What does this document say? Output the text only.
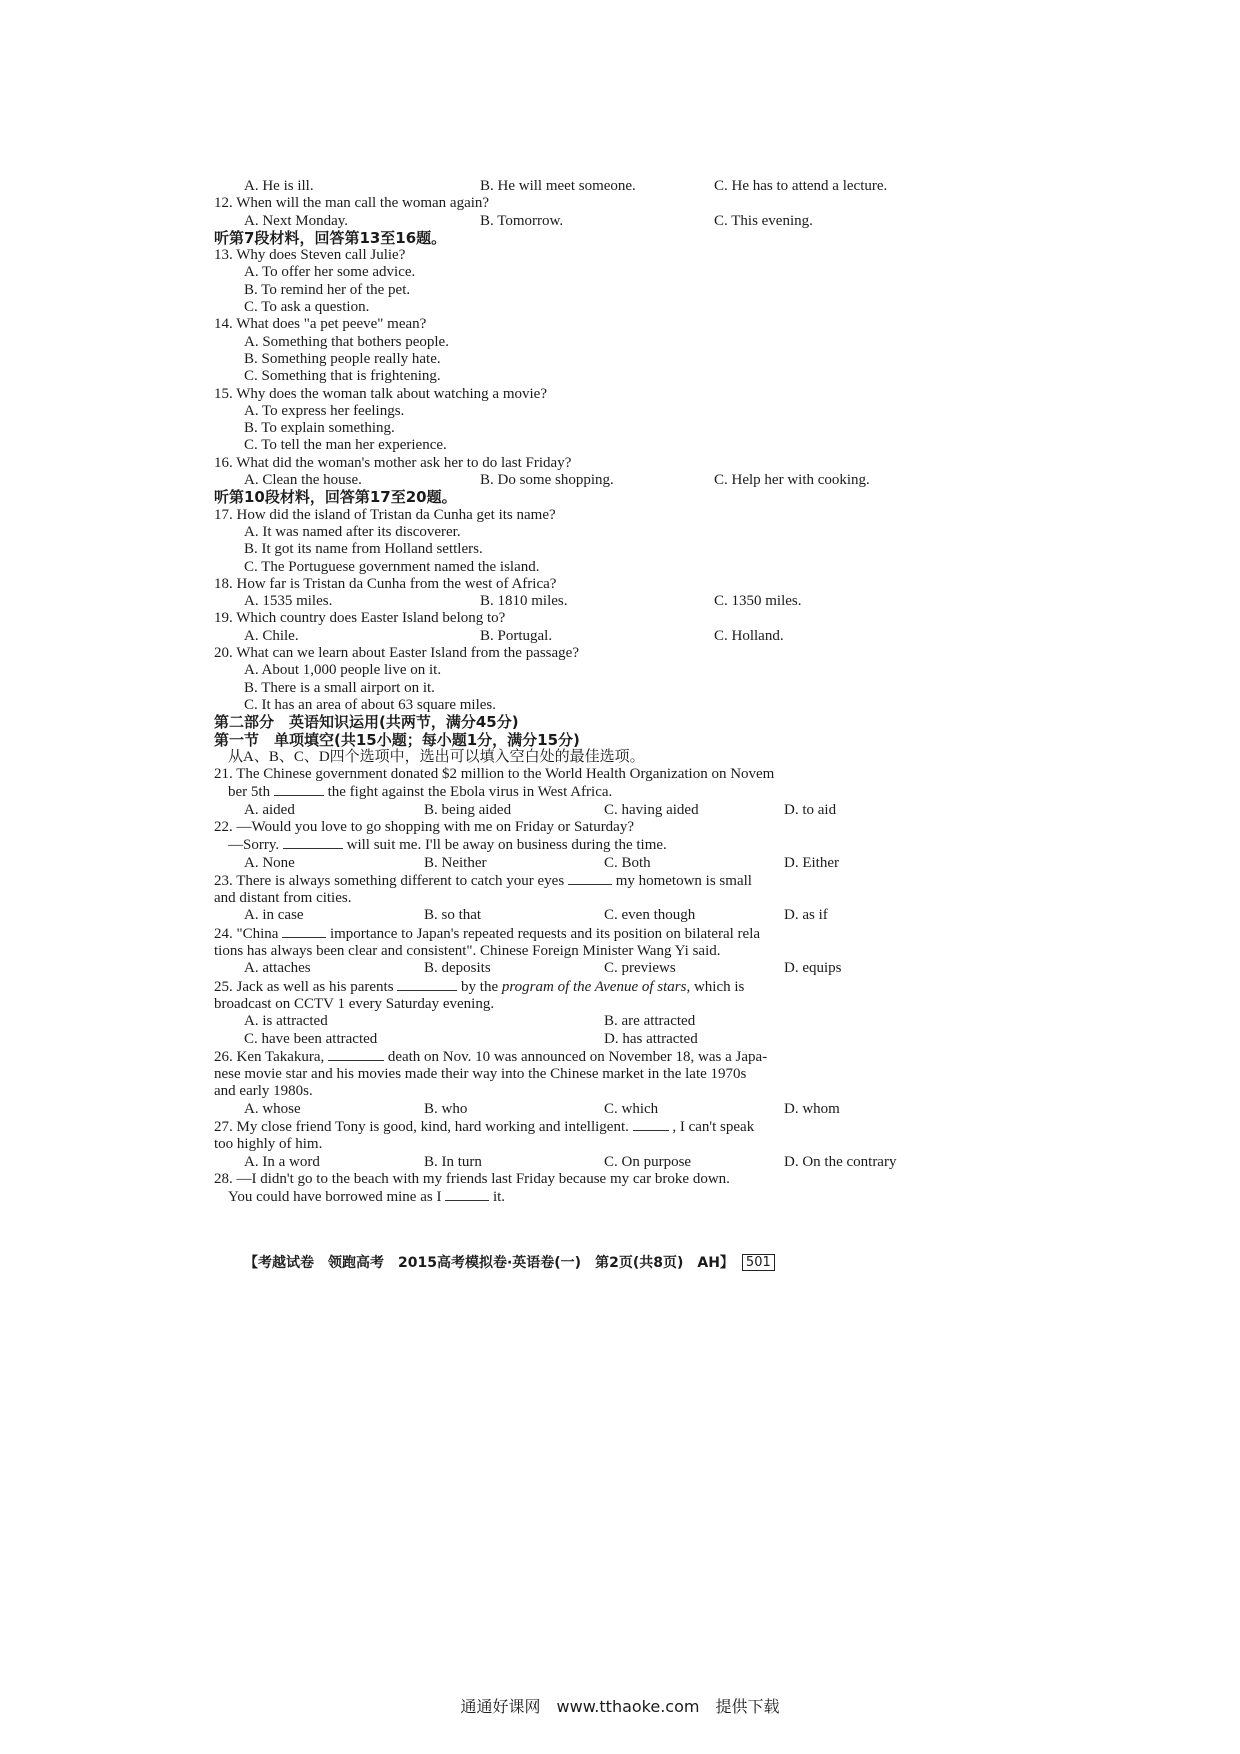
A. He is ill.	B. He will meet someone.	C. He has to attend a lecture.

12. When will the man call the woman again?

A. Next Monday.	B. Tomorrow.	C. This evening.

听第7段材料，回答第13至16题。

13. Why does Steven call Julie?

A. To offer her some advice.

B. To remind her of the pet.

C. To ask a question.

14. What does "a pet peeve" mean?

A. Something that bothers people.

B. Something people really hate.

C. Something that is frightening.

15. Why does the woman talk about watching a movie?

A. To express her feelings.

B. To explain something.

C. To tell the man her experience.

16. What did the woman's mother ask her to do last Friday?

A. Clean the house.	B. Do some shopping.	C. Help her with cooking.

听第10段材料，回答第17至20题。

17. How did the island of Tristan da Cunha get its name?

A. It was named after its discoverer.

B. It got its name from Holland settlers.

C. The Portuguese government named the island.

18. How far is Tristan da Cunha from the west of Africa?

A. 1535 miles.	B. 1810 miles.	C. 1350 miles.

19. Which country does Easter Island belong to?

A. Chile.	B. Portugal.	C. Holland.

20. What can we learn about Easter Island from the passage?

A. About 1,000 people live on it.

B. There is a small airport on it.

C. It has an area of about 63 square miles.

第二部分　英语知识运用(共两节，满分45分)

第一节　单项填空(共15小题；每小题1分，满分15分)

从A、B、C、D四个选项中，选出可以填入空白处的最佳选项。

21. The Chinese government donated $2 million to the World Health Organization on Novem

ber 5th	the fight against the Ebola virus in West Africa.

A. aided	B. being aided	C. having aided	D. to aid

22. —Would you love to go shopping with me on Friday or Saturday?

—Sorry.	will suit me. I'll be away on business during the time.

A. None	B. Neither	C. Both	D. Either

23. There is always something different to catch your eyes	my hometown is small

and distant from cities.

A. in case	B. so that	C. even though	D. as if

24. "China	importance to Japan's repeated requests and its position on bilateral rela

tions has always been clear and consistent". Chinese Foreign Minister Wang Yi said.

A. attaches	B. deposits	C. previews	D. equips

25. Jack as well as his parents	by the program of the Avenue of stars, which is

broadcast on CCTV 1 every Saturday evening.

A. is attracted	B. are attracted
C. have been attracted	D. has attracted

26. Ken Takakura,	death on Nov. 10 was announced on November 18, was a Japa-

nese movie star and his movies made their way into the Chinese market in the late 1970s

and early 1980s.

A. whose	B. who	C. which	D. whom

27. My close friend Tony is good, kind, hard working and intelligent.	, I can't speak

too highly of him.

A. In a word	B. In turn	C. On purpose	D. On the contrary

28. —I didn't go to the beach with my friends last Friday because my car broke down.

You could have borrowed mine as I	it.

【考越试卷　领跑高考　2015高考模拟卷·英语卷(一)　第2页(共8页)　AH】 501
通通好课网　www.tthaoke.com　提供下载
